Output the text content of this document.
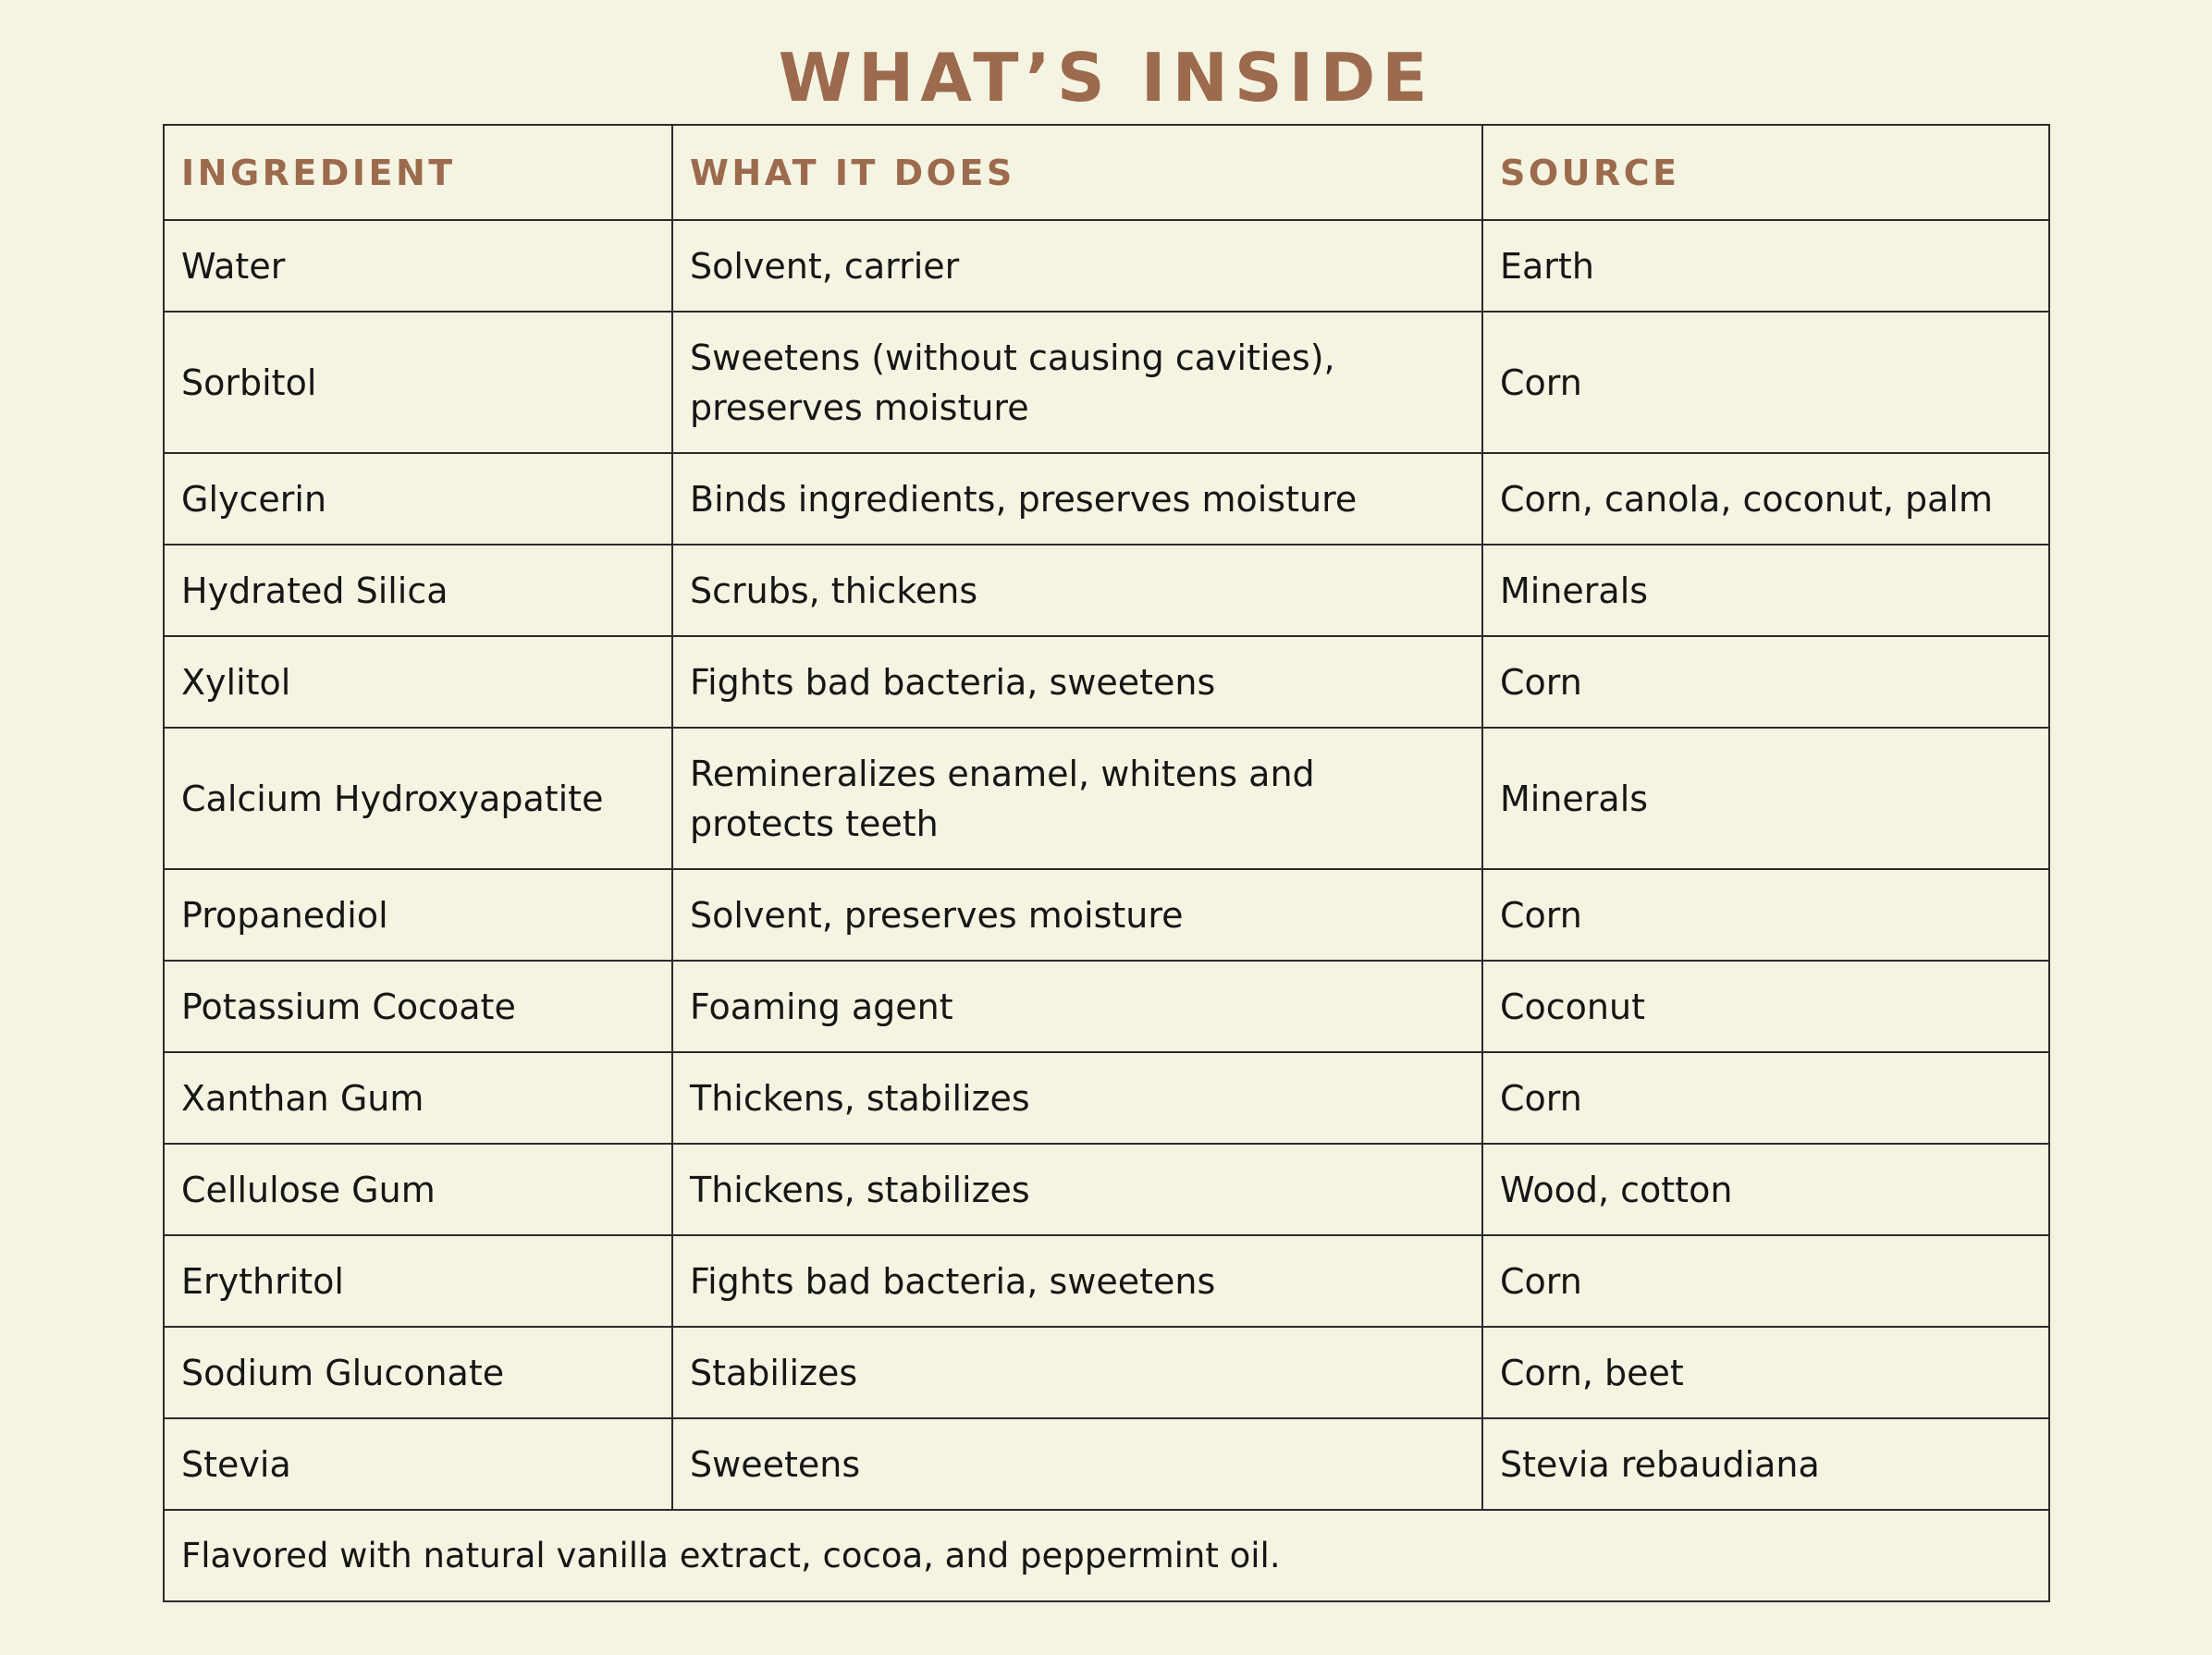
WHAT’S INSIDE
INGREDIENT	WHAT IT DOES	SOURCE
Water	Solvent, carrier	Earth
Sorbitol	Sweetens (without causing cavities), preserves moisture	Corn
Glycerin	Binds ingredients, preserves moisture	Corn, canola, coconut, palm
Hydrated Silica	Scrubs, thickens	Minerals
Xylitol	Fights bad bacteria, sweetens	Corn
Calcium Hydroxyapatite	Remineralizes enamel, whitens and protects teeth	Minerals
Propanediol	Solvent, preserves moisture	Corn
Potassium Cocoate	Foaming agent	Coconut
Xanthan Gum	Thickens, stabilizes	Corn
Cellulose Gum	Thickens, stabilizes	Wood, cotton
Erythritol	Fights bad bacteria, sweetens	Corn
Sodium Gluconate	Stabilizes	Corn, beet
Stevia	Sweetens	Stevia rebaudiana
Flavored with natural vanilla extract, cocoa, and peppermint oil.		
